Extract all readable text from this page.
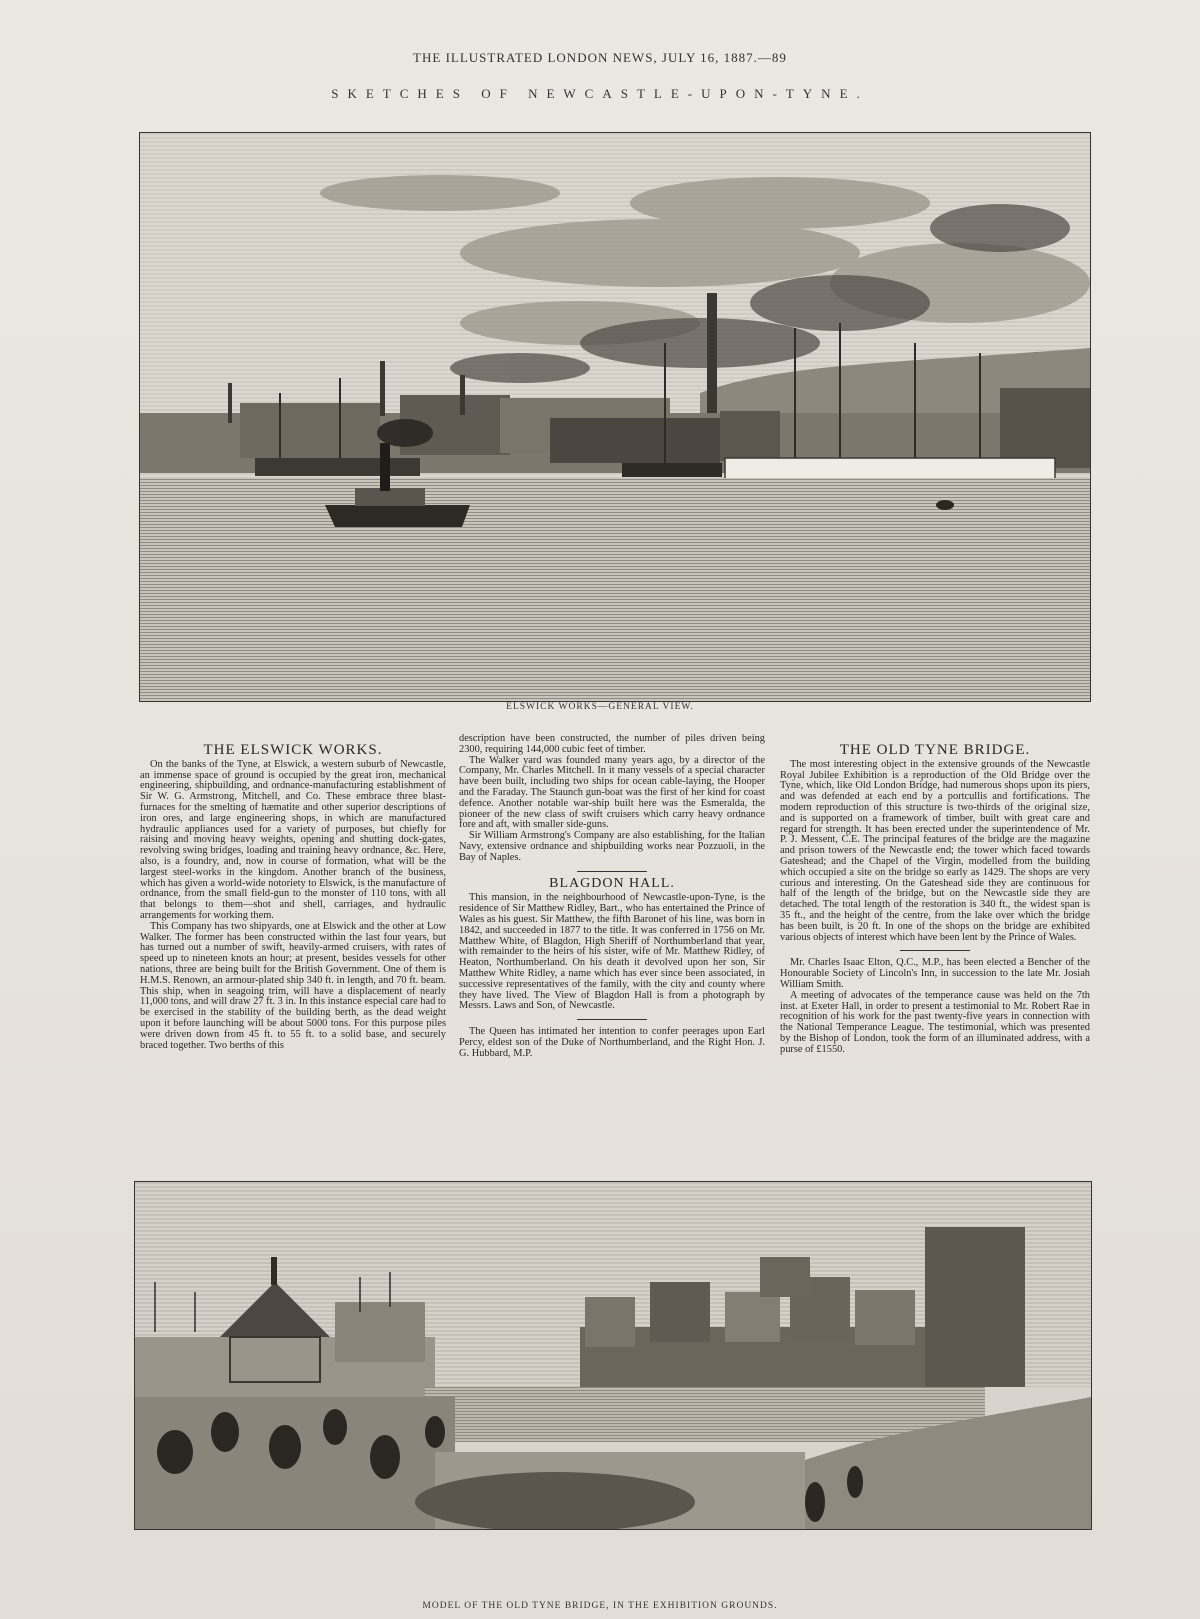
THE ILLUSTRATED LONDON NEWS, JULY 16, 1887.—89
SKETCHES OF NEWCASTLE-UPON-TYNE.
ELSWICK WORKS—GENERAL VIEW.
THE ELSWICK WORKS.

On the banks of the Tyne, at Elswick, a western suburb of Newcastle, an immense space of ground is occupied by the great iron, mechanical engineering, shipbuilding, and ordnance-manufacturing establishment of Sir W. G. Armstrong, Mitchell, and Co. These embrace three blast-furnaces for the smelting of hæmatite and other superior descriptions of iron ores, and large engineering shops, in which are manufactured hydraulic appliances used for a variety of purposes, but chiefly for raising and moving heavy weights, opening and shutting dock-gates, revolving swing bridges, loading and training heavy ordnance, &c. Here, also, is a foundry, and, now in course of formation, what will be the largest steel-works in the kingdom. Another branch of the business, which has given a world-wide notoriety to Elswick, is the manufacture of ordnance, from the small field-gun to the monster of 110 tons, with all that belongs to them—shot and shell, carriages, and hydraulic arrangements for working them.

This Company has two shipyards, one at Elswick and the other at Low Walker. The former has been constructed within the last four years, but has turned out a number of swift, heavily-armed cruisers, with rates of speed up to nineteen knots an hour; at present, besides vessels for other nations, three are being built for the British Government. One of them is H.M.S. Renown, an armour-plated ship 340 ft. in length, and 70 ft. beam. This ship, when in seagoing trim, will have a displacement of nearly 11,000 tons, and will draw 27 ft. 3 in. In this instance especial care had to be exercised in the stability of the building berth, as the dead weight upon it before launching will be about 5000 tons. For this purpose piles were driven down from 45 ft. to 55 ft. to a solid base, and securely braced together. Two berths of this

description have been constructed, the number of piles driven being 2300, requiring 144,000 cubic feet of timber.

The Walker yard was founded many years ago, by a director of the Company, Mr. Charles Mitchell. In it many vessels of a special character have been built, including two ships for ocean cable-laying, the Hooper and the Faraday. The Staunch gun-boat was the first of her kind for coast defence. Another notable war-ship built here was the Esmeralda, the pioneer of the new class of swift cruisers which carry heavy ordnance fore and aft, with smaller side-guns.

Sir William Armstrong's Company are also establishing, for the Italian Navy, extensive ordnance and shipbuilding works near Pozzuoli, in the Bay of Naples.

BLAGDON HALL.

This mansion, in the neighbourhood of Newcastle-upon-Tyne, is the residence of Sir Matthew Ridley, Bart., who has entertained the Prince of Wales as his guest. Sir Matthew, the fifth Baronet of his line, was born in 1842, and succeeded in 1877 to the title. It was conferred in 1756 on Mr. Matthew White, of Blagdon, High Sheriff of Northumberland that year, with remainder to the heirs of his sister, wife of Mr. Matthew Ridley, of Heaton, Northumberland. On his death it devolved upon her son, Sir Matthew White Ridley, a name which has ever since been associated, in successive representatives of the family, with the city and county where they have lived. The View of Blagdon Hall is from a photograph by Messrs. Laws and Son, of Newcastle.

The Queen has intimated her intention to confer peerages upon Earl Percy, eldest son of the Duke of Northumberland, and the Right Hon. J. G. Hubbard, M.P.

THE OLD TYNE BRIDGE.

The most interesting object in the extensive grounds of the Newcastle Royal Jubilee Exhibition is a reproduction of the Old Bridge over the Tyne, which, like Old London Bridge, had numerous shops upon its piers, and was defended at each end by a portcullis and fortifications. The modern reproduction of this structure is two-thirds of the original size, and is supported on a framework of timber, built with great care and regard for strength. It has been erected under the superintendence of Mr. P. J. Messent, C.E. The principal features of the bridge are the magazine and prison towers of the Newcastle end; the tower which faced towards Gateshead; and the Chapel of the Virgin, modelled from the building which occupied a site on the bridge so early as 1429. The shops are very curious and interesting. On the Gateshead side they are continuous for half of the length of the bridge, but on the Newcastle side they are detached. The total length of the restoration is 340 ft., the widest span is 35 ft., and the height of the centre, from the lake over which the bridge has been built, is 20 ft. In one of the shops on the bridge are exhibited various objects of interest which have been lent by the Prince of Wales.

Mr. Charles Isaac Elton, Q.C., M.P., has been elected a Bencher of the Honourable Society of Lincoln's Inn, in succession to the late Mr. Josiah William Smith.

A meeting of advocates of the temperance cause was held on the 7th inst. at Exeter Hall, in order to present a testimonial to Mr. Robert Rae in recognition of his work for the past twenty-five years in connection with the National Temperance League. The testimonial, which was presented by the Bishop of London, took the form of an illuminated address, with a purse of £1550.

MODEL OF THE OLD TYNE BRIDGE, IN THE EXHIBITION GROUNDS.
